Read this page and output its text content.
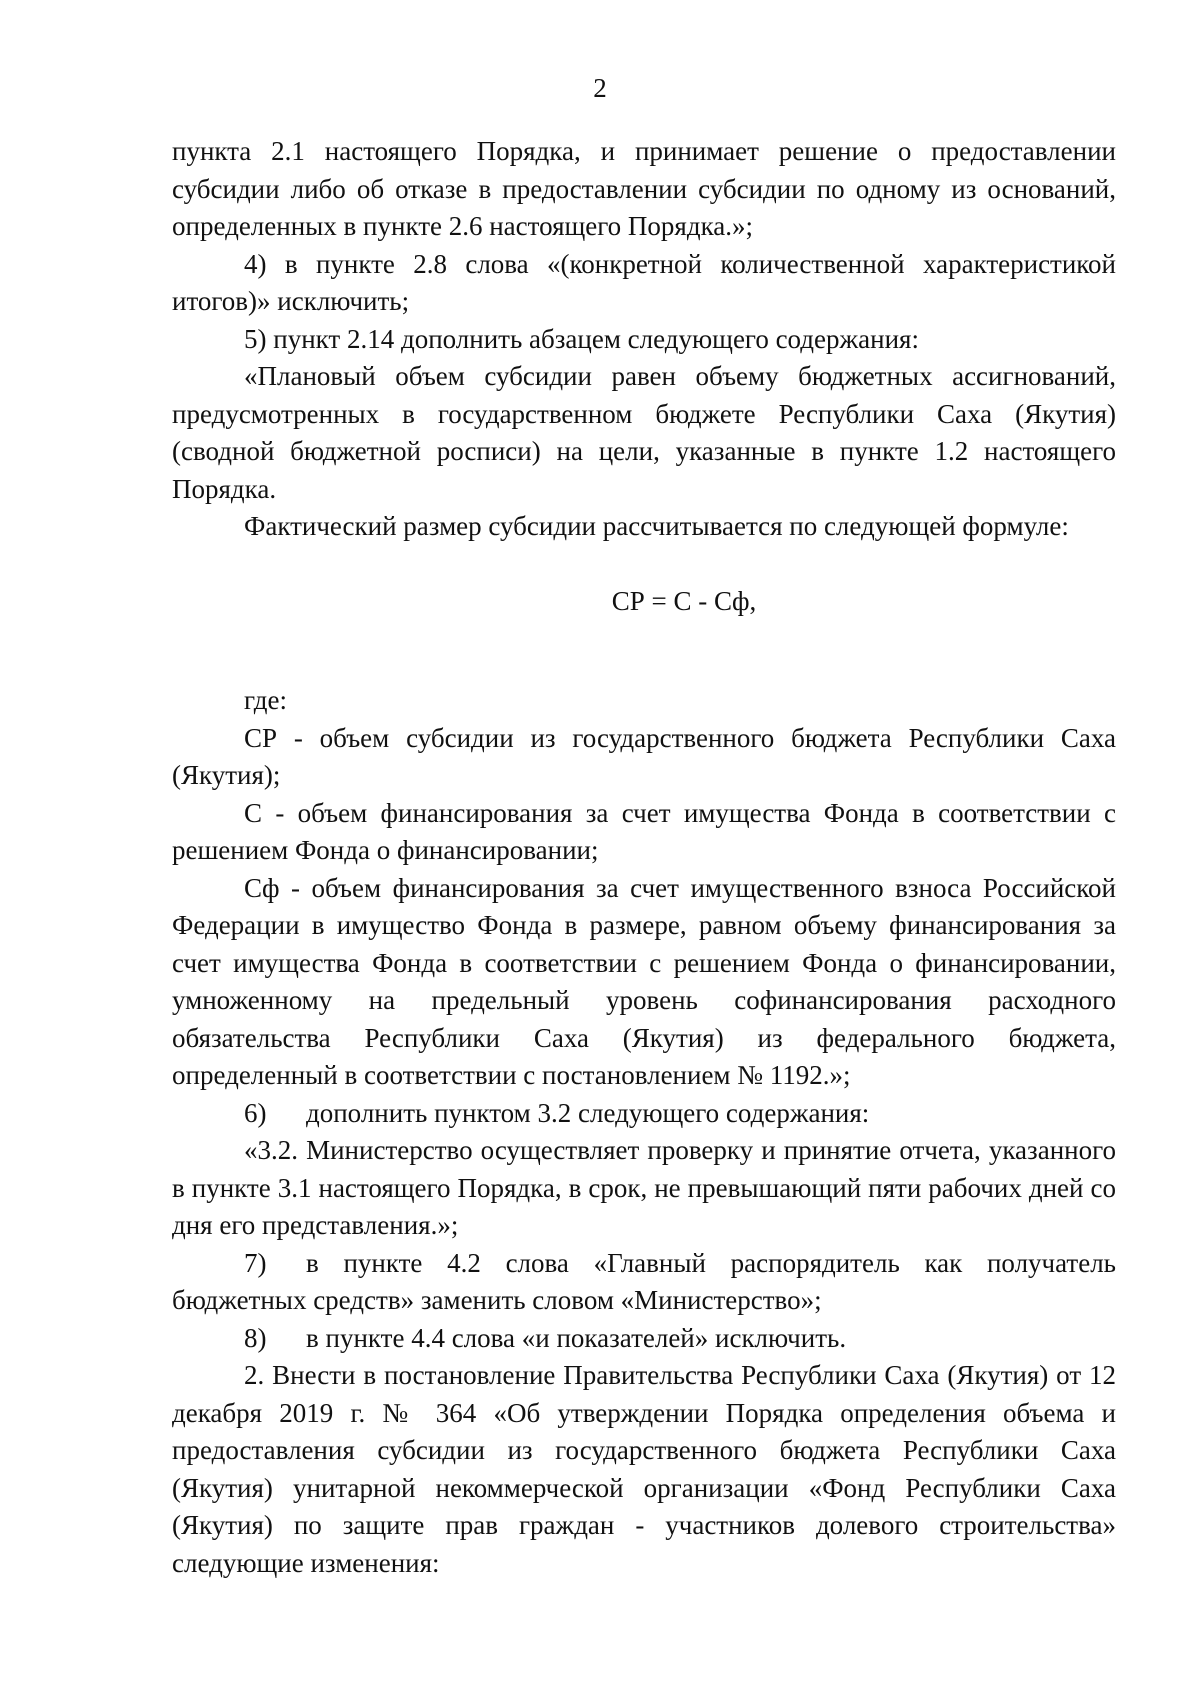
2

пункта 2.1 настоящего Порядка, и принимает решение о предоставлении субсидии либо об отказе в предоставлении субсидии по одному из оснований, определенных в пункте 2.6 настоящего Порядка.»;

4) в пункте 2.8 слова «(конкретной количественной характеристикой итогов)» исключить;

5) пункт 2.14 дополнить абзацем следующего содержания:

«Плановый объем субсидии равен объему бюджетных ассигнований, предусмотренных в государственном бюджете Республики Саха (Якутия) (сводной бюджетной росписи) на цели, указанные в пункте 1.2 настоящего Порядка.

Фактический размер субсидии рассчитывается по следующей формуле:

СР = С - Сф,

где:

СР - объем субсидии из государственного бюджета Республики Саха (Якутия);

С - объем финансирования за счет имущества Фонда в соответствии с решением Фонда о финансировании;

Сф - объем финансирования за счет имущественного взноса Российской Федерации в имущество Фонда в размере, равном объему финансирования за счет имущества Фонда в соответствии с решением Фонда о финансировании, умноженному на предельный уровень софинансирования расходного обязательства Республики Саха (Якутия) из федерального бюджета, определенный в соответствии с постановлением № 1192.»;

6) дополнить пунктом 3.2 следующего содержания:

«3.2. Министерство осуществляет проверку и принятие отчета, указанного в пункте 3.1 настоящего Порядка, в срок, не превышающий пяти рабочих дней со дня его представления.»;

7) в пункте 4.2 слова «Главный распорядитель как получатель бюджетных средств» заменить словом «Министерство»;

8) в пункте 4.4 слова «и показателей» исключить.

2. Внести в постановление Правительства Республики Саха (Якутия) от 12 декабря 2019 г. № 364 «Об утверждении Порядка определения объема и предоставления субсидии из государственного бюджета Республики Саха (Якутия) унитарной некоммерческой организации «Фонд Республики Саха (Якутия) по защите прав граждан - участников долевого строительства» следующие изменения:
